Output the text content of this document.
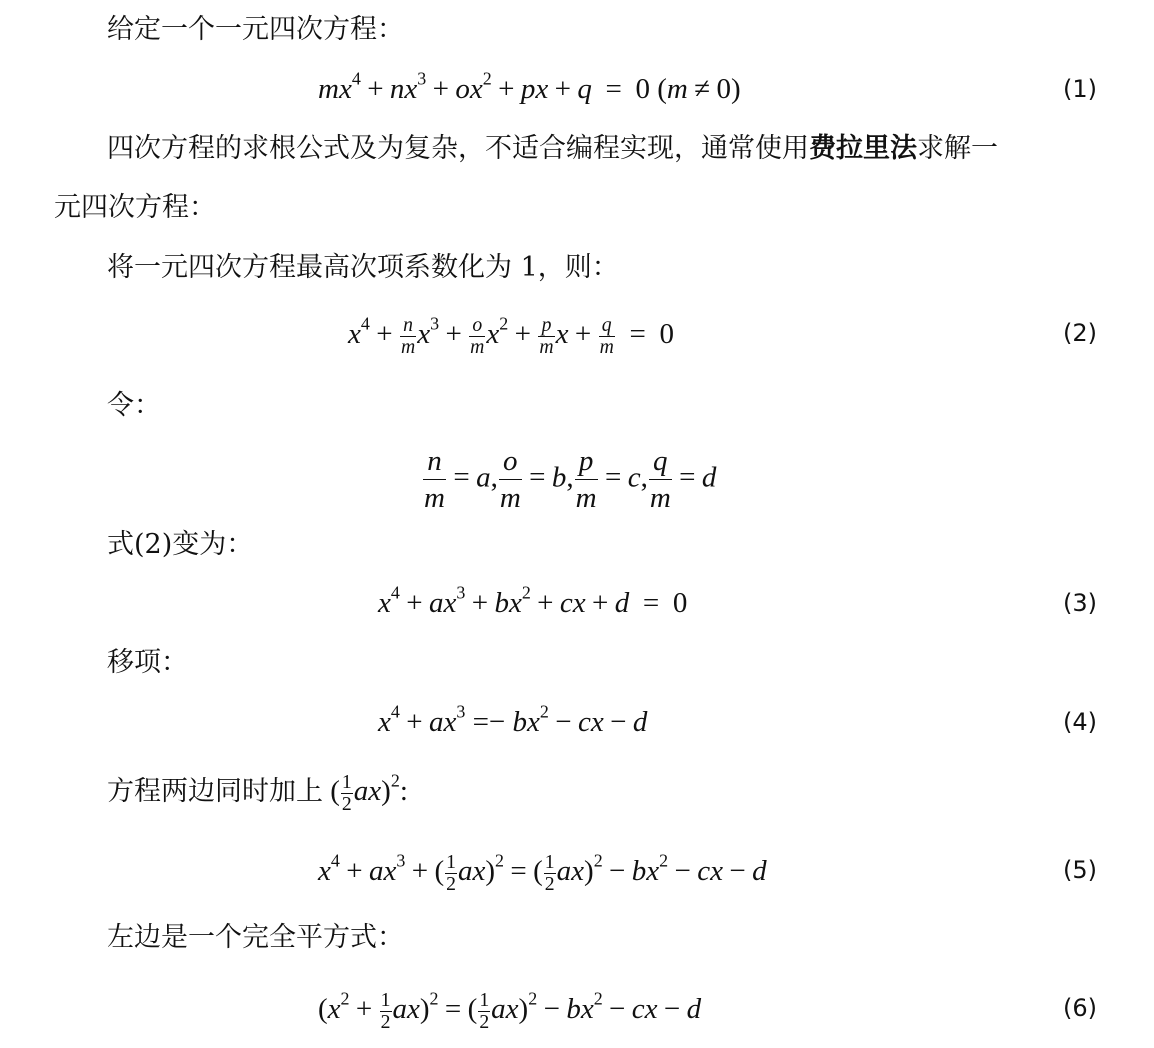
给定一个一元四次方程：
$mx^4 + nx^3 + ox^2$ + px + q = 0 (m ≠ 0)	(1)
四次方程的求根公式及为复杂，不适合编程实现，通常使用费拉里法求解一
元四次方程：
将一元四次方程最高次项系数化为 1，则：
$x^4 + \frac{n}{m} x^3 + \frac{o}{m} x^2 + \frac{p}{m}$ $x + \frac{q}{m} = 0$	(2)
令：
$\frac{n}{m} = a$, $\frac{o}{m} = b$, $\frac{p}{m} = c$, $\frac{q}{m} = d$
式(2)变为：
$x^4 + ax^3 + bx^2$ + cx + d = 0	(3)
移项：
$x^4 + ax^3 =- bx^2$ − cx − d	(4)
方程两边同时加上 ( $\frac{1}{2} ax)^2$:
$x^4 + ax^3$ + ( $\frac{1}{2} ax)^2$ = ( $\frac{1}{2} ax)^2 - bx^2$ − cx − d	(5)
左边是一个完全平方式：
$(x^2 + \frac{1}{2} ax)^2$ = ( $\frac{1}{2} ax)^2 - bx^2$ − cx − d	(6)
